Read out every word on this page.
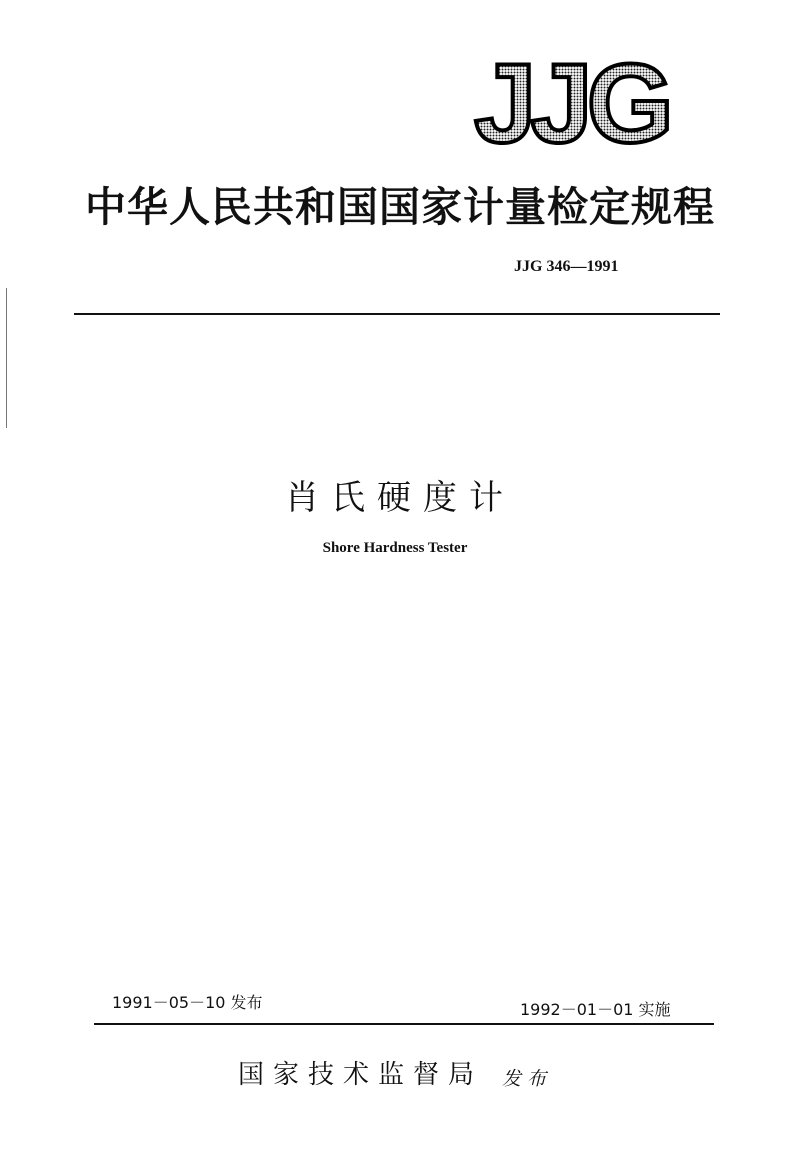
JJG
中华人民共和国国家计量检定规程
JJG 346—1991
肖氏硬度计
Shore Hardness Tester
1991－05－10 发布	1992－01－01 实施
国家技术监督局 发布
